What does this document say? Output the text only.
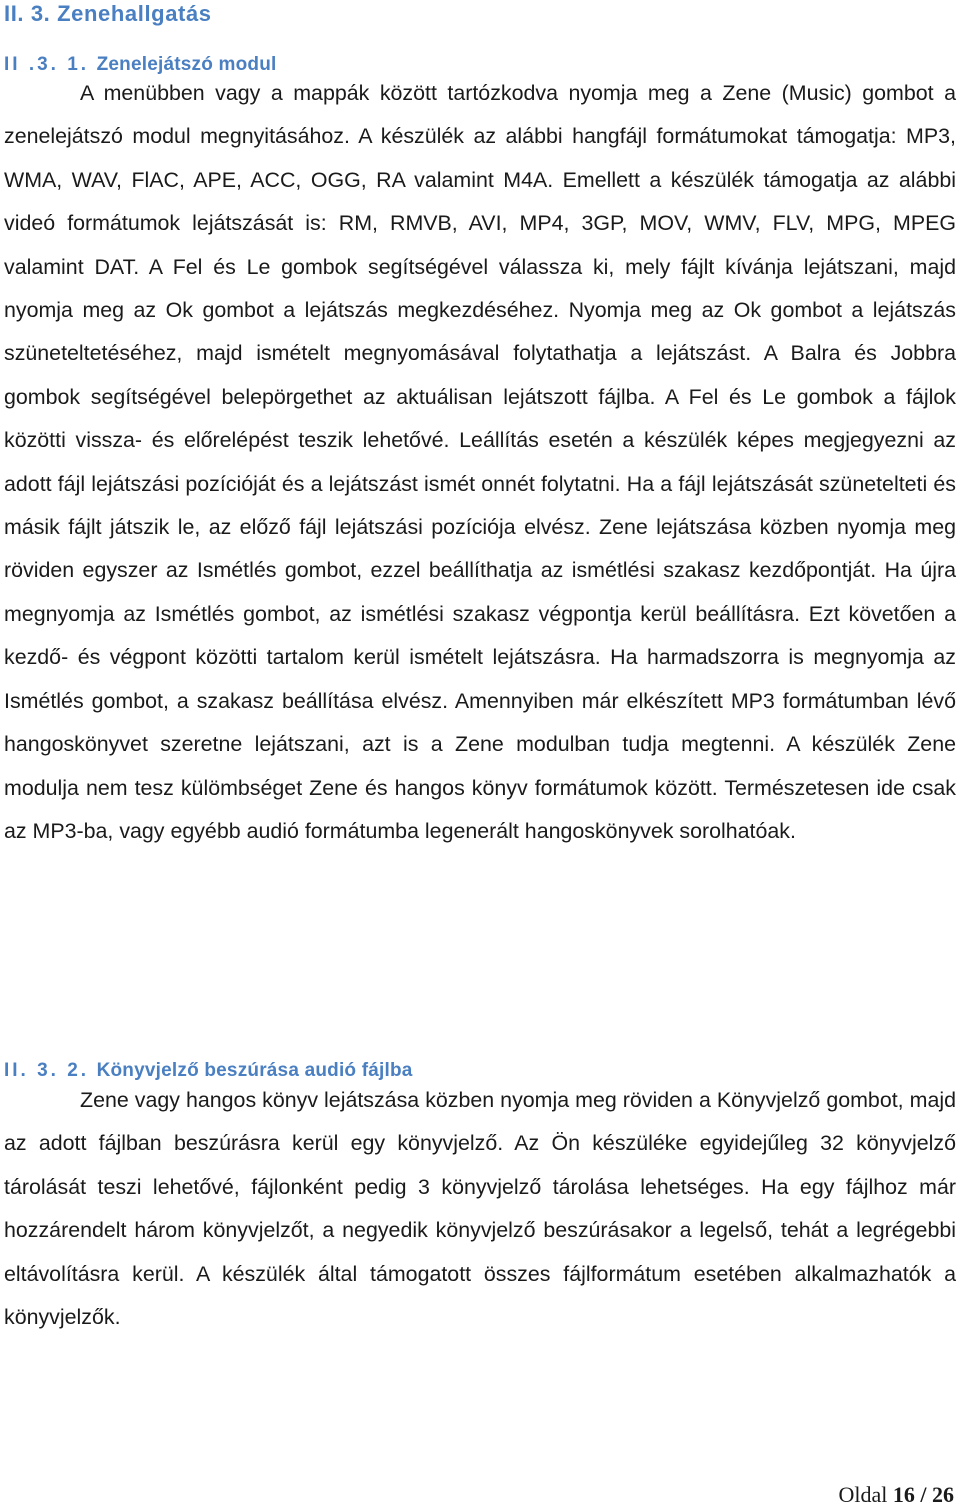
II. 3. Zenehallgatás
II .3. 1. Zenelejátszó modul

A menübben vagy a mappák között tartózkodva nyomja meg a Zene (Music) gombot a zenelejátszó modul megnyitásához. A készülék az alábbi hangfájl formátumokat támogatja: MP3, WMA, WAV, FlAC, APE, ACC, OGG, RA valamint M4A. Emellett a készülék támogatja az alábbi videó formátumok lejátszását is: RM, RMVB, AVI, MP4, 3GP, MOV, WMV, FLV, MPG, MPEG valamint DAT. A Fel és Le gombok segítségével válassza ki, mely fájlt kívánja lejátszani, majd nyomja meg az Ok gombot a lejátszás megkezdéséhez. Nyomja meg az Ok gombot a lejátszás szüneteltetéséhez, majd ismételt megnyomásával folytathatja a lejátszást. A Balra és Jobbra gombok segítségével belepörgethet az aktuálisan lejátszott fájlba. A Fel és Le gombok a fájlok közötti vissza- és előrelépést teszik lehetővé. Leállítás esetén a készülék képes megjegyezni az adott fájl lejátszási pozícióját és a lejátszást ismét onnét folytatni. Ha a fájl lejátszását szünetelteti és másik fájlt játszik le, az előző fájl lejátszási pozíciója elvész. Zene lejátszása közben nyomja meg röviden egyszer az Ismétlés gombot, ezzel beállíthatja az ismétlési szakasz kezdőpontját. Ha újra megnyomja az Ismétlés gombot, az ismétlési szakasz végpontja kerül beállításra. Ezt követően a kezdő- és végpont közötti tartalom kerül ismételt lejátszásra. Ha harmadszorra is megnyomja az Ismétlés gombot, a szakasz beállítása elvész. Amennyiben már elkészített MP3 formátumban lévő hangoskönyvet szeretne lejátszani, azt is a Zene modulban tudja megtenni. A készülék Zene modulja nem tesz külömbséget Zene és hangos könyv formátumok között. Természetesen ide csak az MP3-ba, vagy egyébb audió formátumba legenerált hangoskönyvek sorolhatóak.

II. 3. 2. Könyvjelző beszúrása audió fájlba

Zene vagy hangos könyv lejátszása közben nyomja meg röviden a Könyvjelző gombot, majd az adott fájlban beszúrásra kerül egy könyvjelző. Az Ön készüléke egyidejűleg 32 könyvjelző tárolását teszi lehetővé, fájlonként pedig 3 könyvjelző tárolása lehetséges. Ha egy fájlhoz már hozzárendelt három könyvjelzőt, a negyedik könyvjelző beszúrásakor a legelső, tehát a legrégebbi eltávolításra kerül. A készülék által támogatott összes fájlformátum esetében alkalmazhatók a könyvjelzők.

Oldal 16 / 26
